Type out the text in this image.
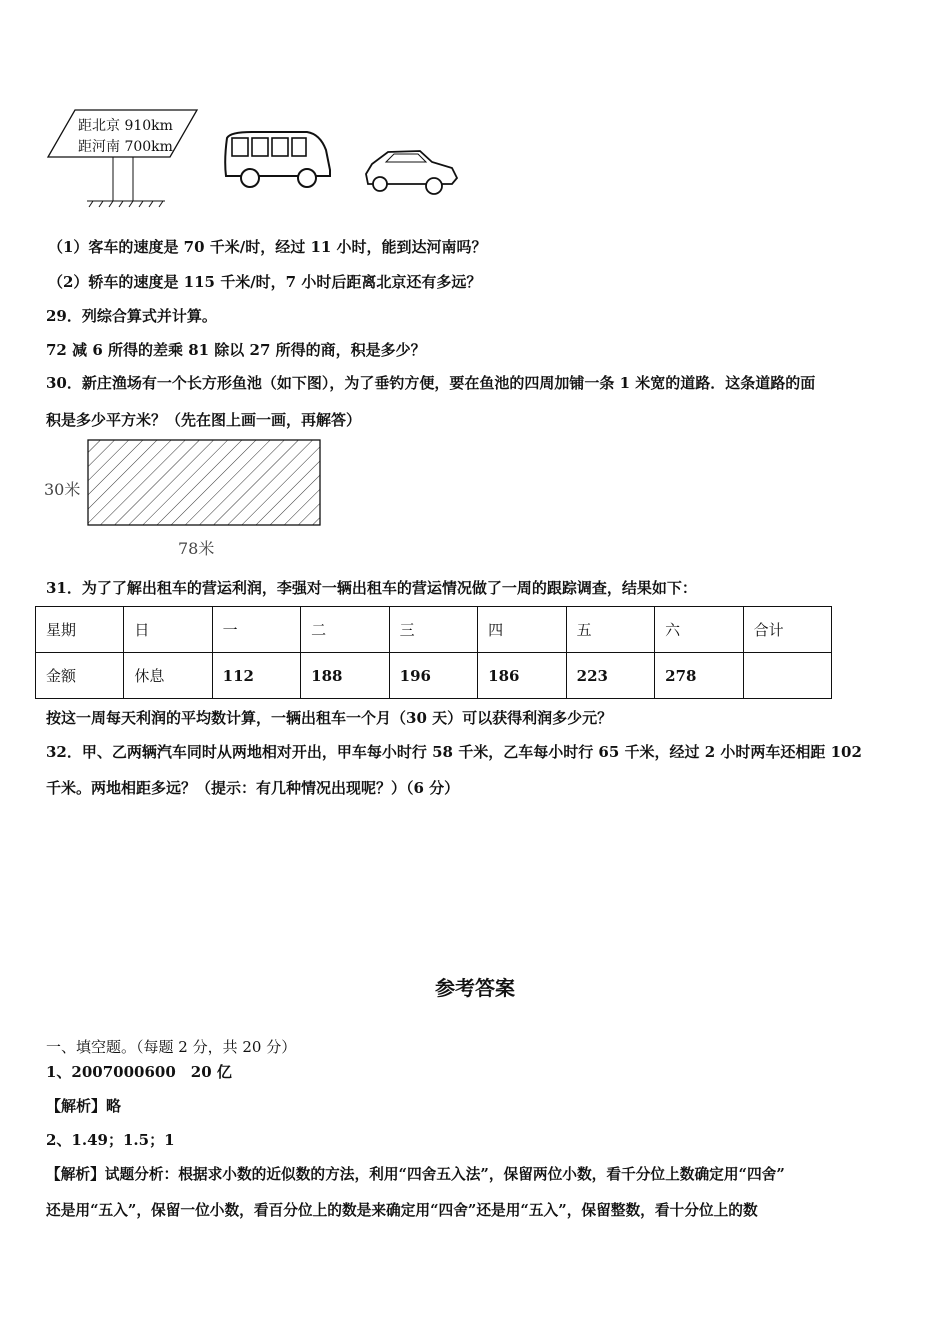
距北京 910km
距河南 700km
（1）客车的速度是 70 千米/时，经过 11 小时，能到达河南吗？
（2）轿车的速度是 115 千米/时，7 小时后距离北京还有多远？
29．列综合算式并计算。
72 减 6 所得的差乘 81 除以 27 所得的商，积是多少？
30．新庄渔场有一个长方形鱼池（如下图），为了垂钓方便，要在鱼池的四周加铺一条 1 米宽的道路．这条道路的面
积是多少平方米？（先在图上画一画，再解答）
30米
78米
31．为了了解出租车的营运利润，李强对一辆出租车的营运情况做了一周的跟踪调查，结果如下：
星期	日	一	二	三	四	五	六	合计
金额	休息	112	188	196	186	223	278	
按这一周每天利润的平均数计算，一辆出租车一个月（30 天）可以获得利润多少元？
32．甲、乙两辆汽车同时从两地相对开出，甲车每小时行 58 千米，乙车每小时行 65 千米，经过 2 小时两车还相距 102
千米。两地相距多远？（提示：有几种情况出现呢？）（6 分）
参考答案
一、填空题。（每题 2 分，共 20 分）
1、2007000600　20 亿
【解析】略
2、1.49；1.5；1
【解析】试题分析：根据求小数的近似数的方法，利用“四舍五入法”，保留两位小数，看千分位上数确定用“四舍”
还是用“五入”，保留一位小数，看百分位上的数是来确定用“四舍”还是用“五入”，保留整数，看十分位上的数
